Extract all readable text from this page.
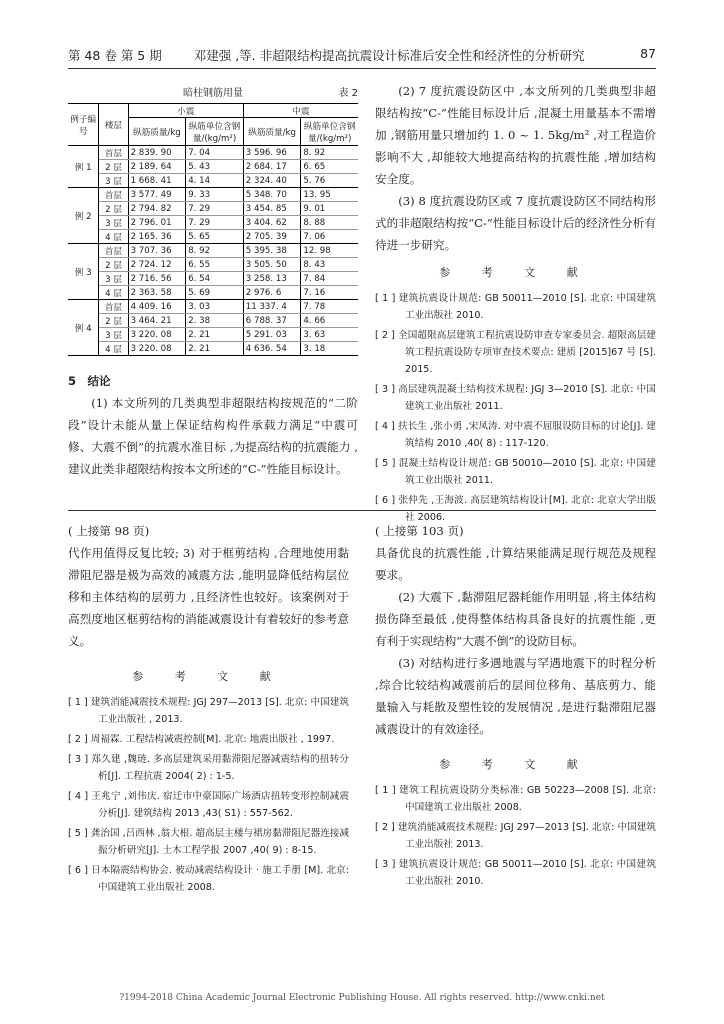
第 48 卷 第 5 期	邓建强 ,等. 非超限结构提高抗震设计标准后安全性和经济性的分析研究	87
暗柱钢筋用量	表 2
例子编号	楼层	小震		中震	
		纵筋质量/kg	纵筋单位含钢量/(kg/m²)	纵筋质量/kg	纵筋单位含钢量/(kg/m²)
例 1	首层	2 839. 90	7. 04	3 596. 96	8. 92
	2 层	2 189. 64	5. 43	2 684. 17	6. 65
	3 层	1 668. 41	4. 14	2 324. 40	5. 76
例 2	首层	3 577. 49	9. 33	5 348. 70	13. 95
	2 层	2 794. 82	7. 29	3 454. 85	9. 01
	3 层	2 796. 01	7. 29	3 404. 62	8. 88
	4 层	2 165. 36	5. 65	2 705. 39	7. 06
例 3	首层	3 707. 36	8. 92	5 395. 38	12. 98
	2 层	2 724. 12	6. 55	3 505. 50	8. 43
	3 层	2 716. 56	6. 54	3 258. 13	7. 84
	4 层	2 363. 58	5. 69	2 976. 6	7. 16
例 4	首层	4 409. 16	3. 03	11 337. 4	7. 78
	2 层	3 464. 21	2. 38	6 788. 37	4. 66
	3 层	3 220. 08	2. 21	5 291. 03	3. 63
	4 层	3 220. 08	2. 21	4 636. 54	3. 18

5　结论

(1) 本文所列的几类典型非超限结构按规范的“二阶段”设计未能从量上保证结构构件承载力满足“中震可修、大震不倒”的抗震水准目标 ,为提高结构的抗震能力 ,建议此类非超限结构按本文所述的“C-”性能目标设计。

(2) 7 度抗震设防区中 ,本文所列的几类典型非超限结构按“C-”性能目标设计后 ,混凝土用量基本不需增加 ,钢筋用量只增加约 1. 0 ~ 1. 5kg/m² ,对工程造价影响不大 ,却能较大地提高结构的抗震性能 ,增加结构安全度。

(3) 8 度抗震设防区或 7 度抗震设防区不同结构形式的非超限结构按“C-”性能目标设计后的经济性分析有待进一步研究。

参 考 文 献
[ 1 ] 建筑抗震设计规范: GB 50011—2010 [S]. 北京: 中国建筑工业出版社 2010.
[ 2 ] 全国超限高层建筑工程抗震设防审查专家委员会. 超限高层建筑工程抗震设防专项审查技术要点: 建质 [2015]67 号 [S]. 2015.
[ 3 ] 高层建筑混凝土结构技术规程: JGJ 3—2010 [S]. 北京: 中国建筑工业出版社 2011.
[ 4 ] 扶长生 ,张小勇 ,宋凤涛. 对中震不屈服设防目标的讨论[J]. 建筑结构 2010 ,40( 8) : 117-120.
[ 5 ] 混凝土结构设计规范: GB 50010—2010 [S]. 北京: 中国建筑工业出版社 2011.
[ 6 ] 张仲先 ,王海波. 高层建筑结构设计[M]. 北京: 北京大学出版社 2006.

( 上接第 98 页)

代作用值得反复比较; 3) 对于框剪结构 ,合理地使用黏滞阻尼器是极为高效的减震方法 ,能明显降低结构层位移和主体结构的层剪力 ,且经济性也较好。该案例对于高烈度地区框剪结构的消能减震设计有着较好的参考意义。

参 考 文 献
[ 1 ] 建筑消能减震技术规程: JGJ 297—2013 [S]. 北京: 中国建筑工业出版社 , 2013.
[ 2 ] 周福霖. 工程结构减震控制[M]. 北京: 地震出版社 , 1997.
[ 3 ] 郑久建 ,魏琏. 多高层建筑采用黏滞阻尼器减震结构的扭转分析[J]. 工程抗震 2004( 2) : 1-5.
[ 4 ] 王兆宁 ,刘伟庆. 宿迁市中豪国际广场酒店扭转变形控制减震分析[J]. 建筑结构 2013 ,43( S1) : 557-562.
[ 5 ] 龚治国 ,吕西林 ,翁大根. 超高层主楼与裙房黏滞阻尼器连接减振分析研究[J]. 土木工程学报 2007 ,40( 9) : 8-15.
[ 6 ] 日本隔震结构协会. 被动减震结构设计 · 施工手册 [M]. 北京: 中国建筑工业出版社 2008.

( 上接第 103 页)

具备优良的抗震性能 ,计算结果能满足现行规范及规程要求。

(2) 大震下 ,黏滞阻尼器耗能作用明显 ,将主体结构损伤降至最低 ,使得整体结构具备良好的抗震性能 ,更有利于实现结构“大震不倒”的设防目标。

(3) 对结构进行多遇地震与罕遇地震下的时程分析 ,综合比较结构减震前后的层间位移角、基底剪力、能量输入与耗散及塑性铰的发展情况 ,是进行黏滞阻尼器减震设计的有效途径。

参 考 文 献
[ 1 ] 建筑工程抗震设防分类标准: GB 50223—2008 [S]. 北京: 中国建筑工业出版社 2008.
[ 2 ] 建筑消能减震技术规程: JGJ 297—2013 [S]. 北京: 中国建筑工业出版社 2013.
[ 3 ] 建筑抗震设计规范: GB 50011—2010 [S]. 北京: 中国建筑工业出版社 2010.
?1994-2018 China Academic Journal Electronic Publishing House. All rights reserved. http://www.cnki.net
